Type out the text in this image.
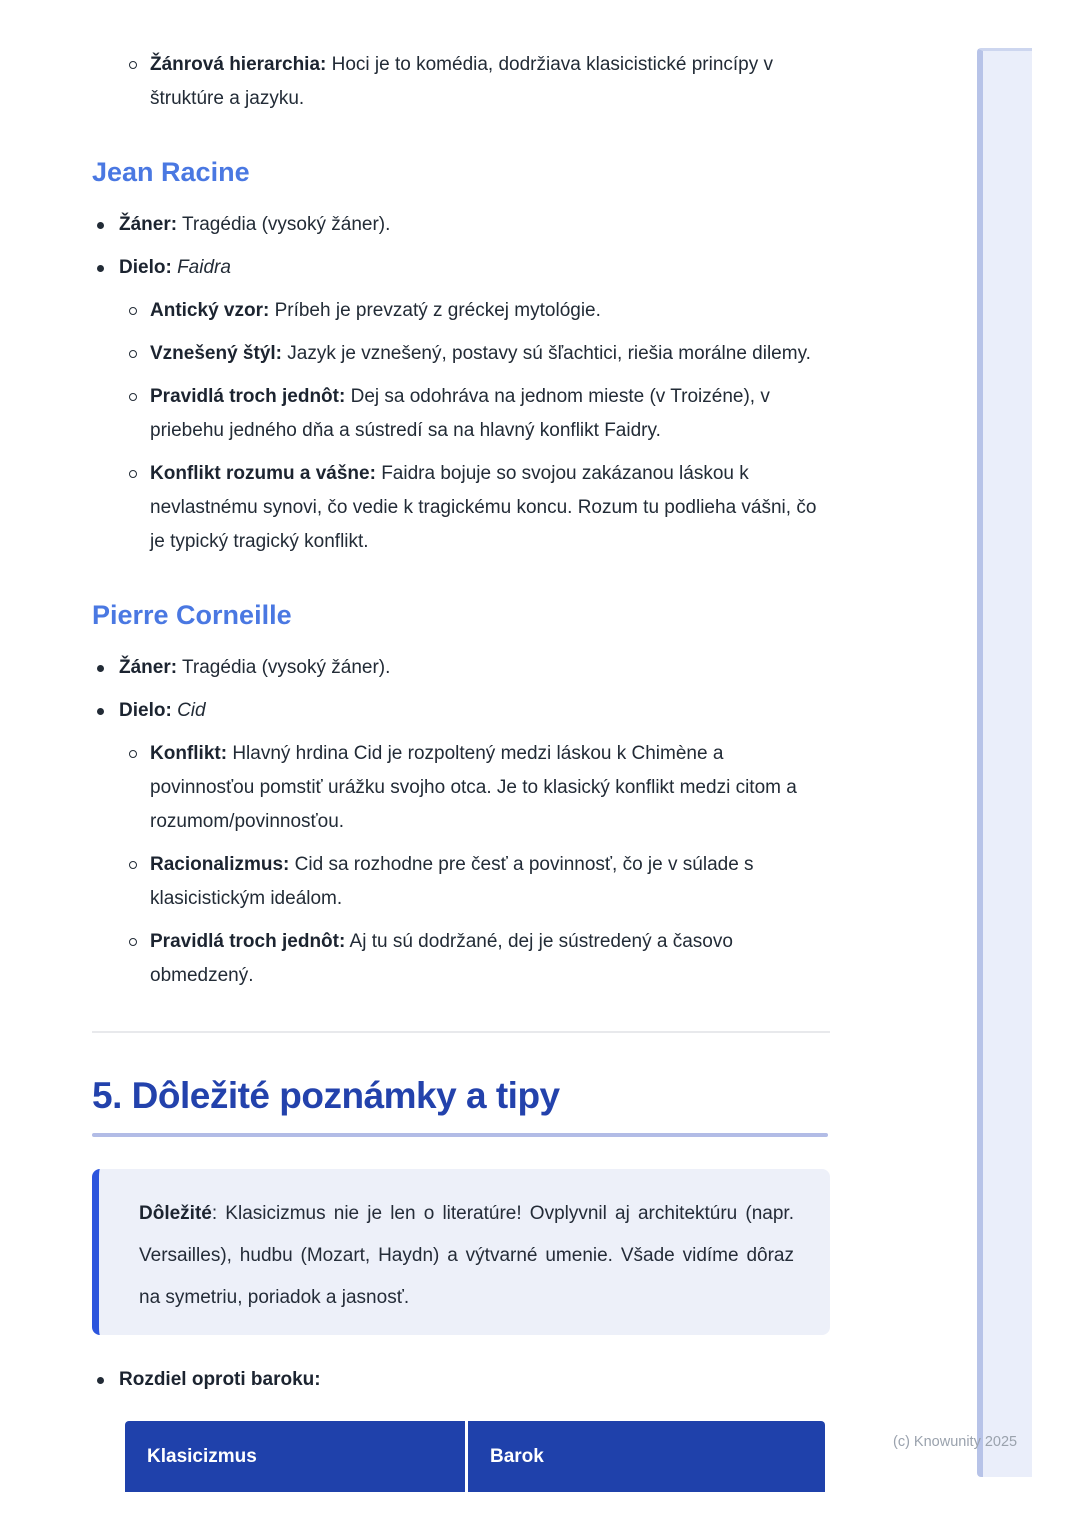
Žánrová hierarchia: Hoci je to komédia, dodržiava klasicistické princípy v štruktúre a jazyku.

Jean Racine

Žáner: Tragédia (vysoký žáner).

Dielo: Faidra

Antický vzor: Príbeh je prevzatý z gréckej mytológie.

Vznešený štýl: Jazyk je vznešený, postavy sú šľachtici, riešia morálne dilemy.

Pravidlá troch jednôt: Dej sa odohráva na jednom mieste (v Troizéne), v priebehu jedného dňa a sústredí sa na hlavný konflikt Faidry.

Konflikt rozumu a vášne: Faidra bojuje so svojou zakázanou láskou k nevlastnému synovi, čo vedie k tragickému koncu. Rozum tu podlieha vášni, čo je typický tragický konflikt.

Pierre Corneille

Žáner: Tragédia (vysoký žáner).

Dielo: Cid

Konflikt: Hlavný hrdina Cid je rozpoltený medzi láskou k Chimène a povinnosťou pomstiť urážku svojho otca. Je to klasický konflikt medzi citom a rozumom/povinnosťou.

Racionalizmus: Cid sa rozhodne pre česť a povinnosť, čo je v súlade s klasicistickým ideálom.

Pravidlá troch jednôt: Aj tu sú dodržané, dej je sústredený a časovo obmedzený.

5. Dôležité poznámky a tipy

Dôležité: Klasicizmus nie je len o literatúre! Ovplyvnil aj architektúru (napr. Versailles), hudbu (Mozart, Haydn) a výtvarné umenie. Všade vidíme dôraz na symetriu, poriadok a jasnosť.

Rozdiel oproti baroku:

Klasicizmus	Barok
(c) Knowunity 2025
